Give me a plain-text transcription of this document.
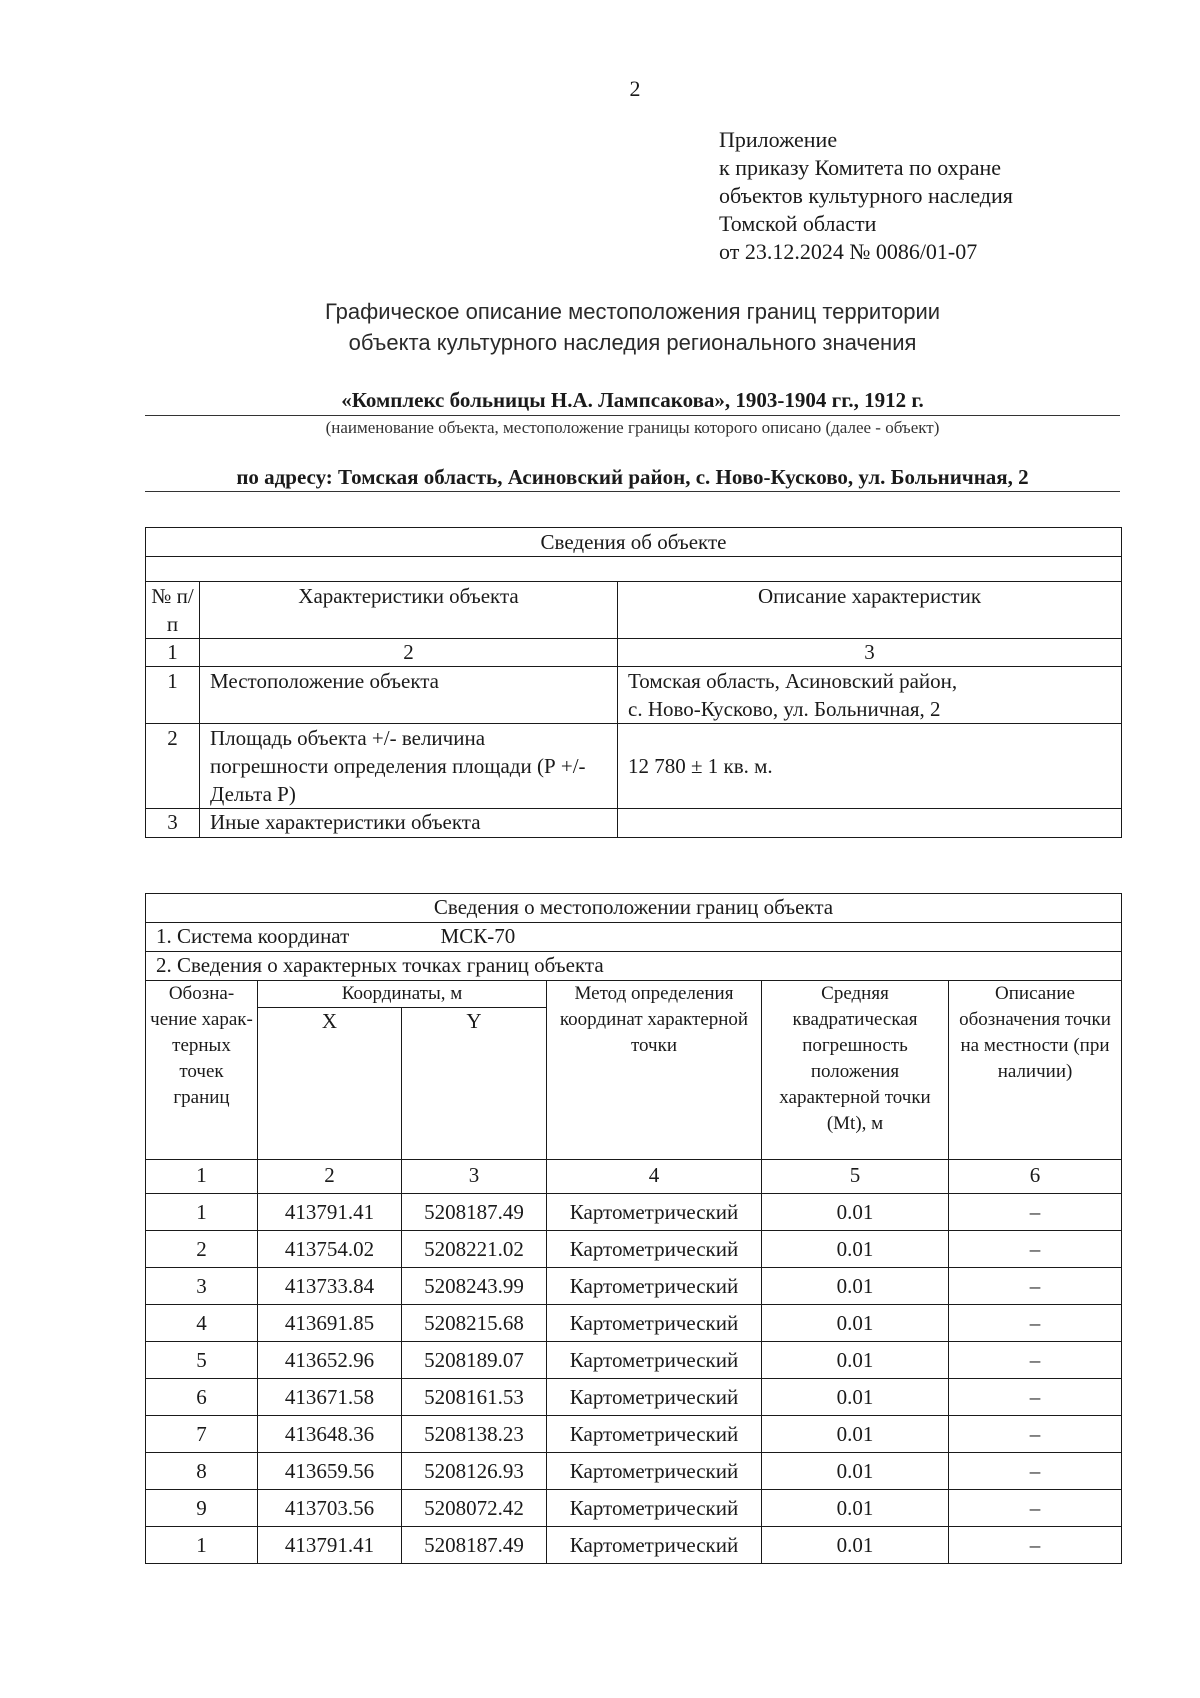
2
Приложение
к приказу Комитета по охране
объектов культурного наследия
Томской области
от 23.12.2024 № 0086/01-07
Графическое описание местоположения границ территории
объекта культурного наследия регионального значения
«Комплекс больницы Н.А. Лампсакова», 1903-1904 гг., 1912 г.
(наименование объекта, местоположение границы которого описано (далее - объект)
по адресу: Томская область, Асиновский район, с. Ново-Кусково, ул. Больничная, 2
Сведения об объекте		

№ п/п	Характеристики объекта	Описание характеристик
1	2	3
1	Местоположение объекта	Томская область, Асиновский район,
с. Ново-Кусково, ул. Больничная, 2

2	Площадь объекта +/- величина погрешности определения площади (Р +/- Дельта Р)	12 780 ± 1 кв. м.
3	Иные характеристики объекта	
Сведения о местоположении границ объекта					
1. Система координат МСК-70					
2. Сведения о характерных точках границ объекта					
Обозна-чение харак-терных точек границ	Координаты, м		Метод определения координат характерной точки	Средняя квадратическая погрешность положения характерной точки (Mt), м	Описание обозначения точки на местности (при наличии)
	X	Y			
1	2	3	4	5	6
1	413791.41	5208187.49	Картометрический	0.01	–
2	413754.02	5208221.02	Картометрический	0.01	–
3	413733.84	5208243.99	Картометрический	0.01	–
4	413691.85	5208215.68	Картометрический	0.01	–
5	413652.96	5208189.07	Картометрический	0.01	–
6	413671.58	5208161.53	Картометрический	0.01	–
7	413648.36	5208138.23	Картометрический	0.01	–
8	413659.56	5208126.93	Картометрический	0.01	–
9	413703.56	5208072.42	Картометрический	0.01	–
1	413791.41	5208187.49	Картометрический	0.01	–
